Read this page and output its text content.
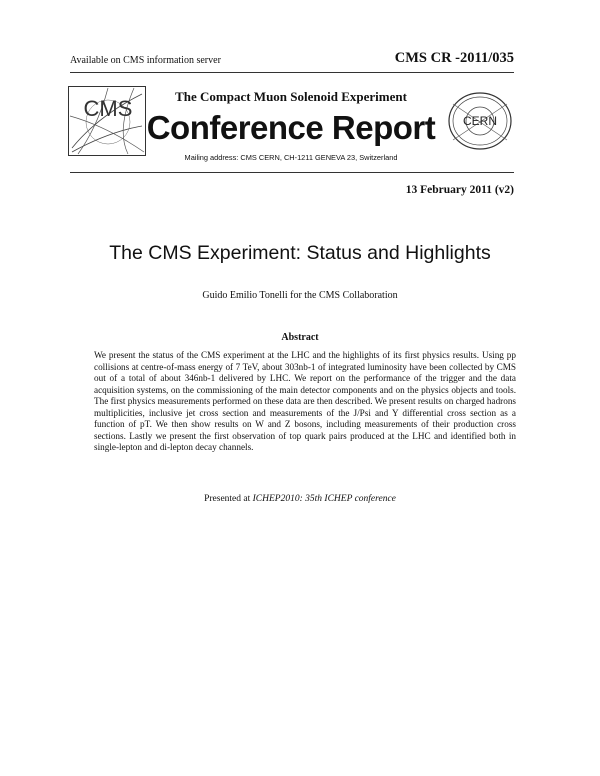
Available on CMS information server	CMS CR -2011/035
CMS	The Compact Muon Solenoid Experiment
Conference Report
Mailing address: CMS CERN, CH-1211 GENEVA 23, Switzerland
CERN
13 February 2011 (v2)
The CMS Experiment: Status and Highlights
Guido Emilio Tonelli for the CMS Collaboration
Abstract
We present the status of the CMS experiment at the LHC and the highlights of its first physics results. Using pp collisions at centre-of-mass energy of 7 TeV, about 303nb-1 of integrated luminosity have been collected by CMS out of a total of about 346nb-1 delivered by LHC. We report on the performance of the trigger and the data acquisition systems, on the commissioning of the main detector components and on the physics objects and tools. The first physics measurements performed on these data are then described. We present results on charged hadrons multiplicities, inclusive jet cross section and measurements of the J/Psi and Y differential cross section as a function of pT. We then show results on W and Z bosons, including measurements of their production cross sections. Lastly we present the first observation of top quark pairs produced at the LHC and identified both in single-lepton and di-lepton decay channels.
Presented at ICHEP2010: 35th ICHEP conference
